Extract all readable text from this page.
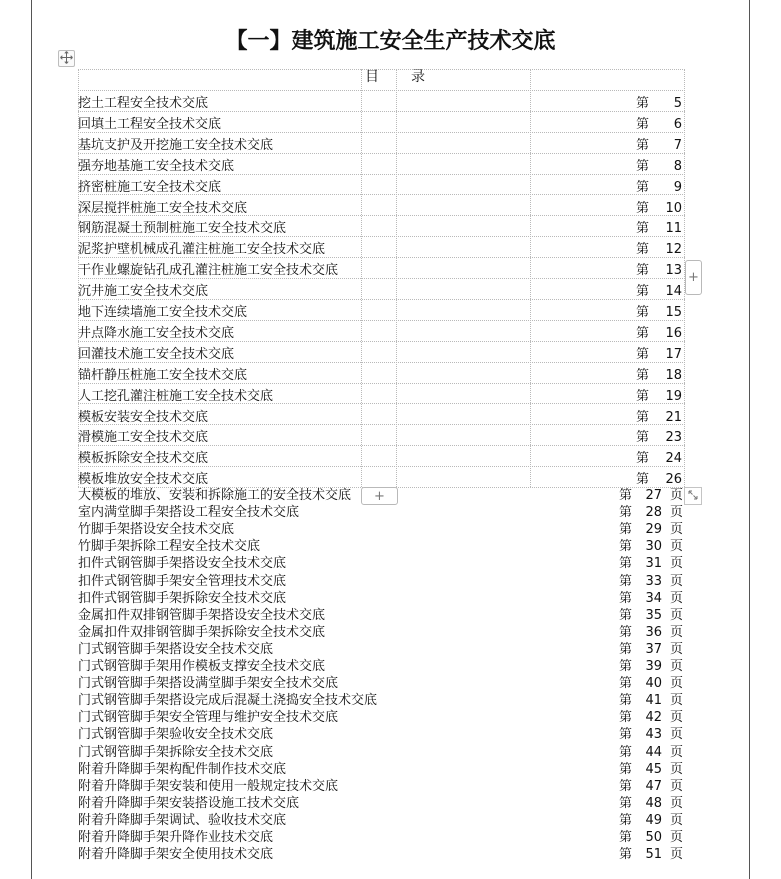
【一】建筑施工安全生产技术交底
目 录
挖土工程安全技术交底	第	5
回填土工程安全技术交底	第	6
基坑支护及开挖施工安全技术交底	第	7
强夯地基施工安全技术交底	第	8
挤密桩施工安全技术交底	第	9
深层搅拌桩施工安全技术交底	第 10
钢筋混凝土预制桩施工安全技术交底	第 11
泥浆护壁机械成孔灌注桩施工安全技术交底	第 12
干作业螺旋钻孔成孔灌注桩施工安全技术交底	第 13
沉井施工安全技术交底	第 14
地下连续墙施工安全技术交底	第 15
井点降水施工安全技术交底	第 16
回灌技术施工安全技术交底	第 17
锚杆静压桩施工安全技术交底	第 18
人工挖孔灌注桩施工安全技术交底	第 19
模板安装安全技术交底	第 21
滑模施工安全技术交底	第 23
模板拆除安全技术交底	第 24
模板堆放安全技术交底	第 26
大模板的堆放、安装和拆除施工的安全技术交底	第 27 页
室内满堂脚手架搭设工程安全技术交底	第 28 页
竹脚手架搭设安全技术交底	第 29 页
竹脚手架拆除工程安全技术交底	第 30 页
扣件式钢管脚手架搭设安全技术交底	第 31 页
扣件式钢管脚手架安全管理技术交底	第 33 页
扣件式钢管脚手架拆除安全技术交底	第 34 页
金属扣件双排钢管脚手架搭设安全技术交底	第 35 页
金属扣件双排钢管脚手架拆除安全技术交底	第 36 页
门式钢管脚手架搭设安全技术交底	第 37 页
门式钢管脚手架用作模板支撑安全技术交底	第 39 页
门式钢管脚手架搭设满堂脚手架安全技术交底	第 40 页
门式钢管脚手架搭设完成后混凝土浇捣安全技术交底	第 41 页
门式钢管脚手架安全管理与维护安全技术交底	第 42 页
门式钢管脚手架验收安全技术交底	第 43 页
门式钢管脚手架拆除安全技术交底	第 44 页
附着升降脚手架构配件制作技术交底	第 45 页
附着升降脚手架安装和使用一般规定技术交底	第 47 页
附着升降脚手架安装搭设施工技术交底	第 48 页
附着升降脚手架调试、验收技术交底	第 49 页
附着升降脚手架升降作业技术交底	第 50 页
附着升降脚手架安全使用技术交底	第 51 页
+
+
